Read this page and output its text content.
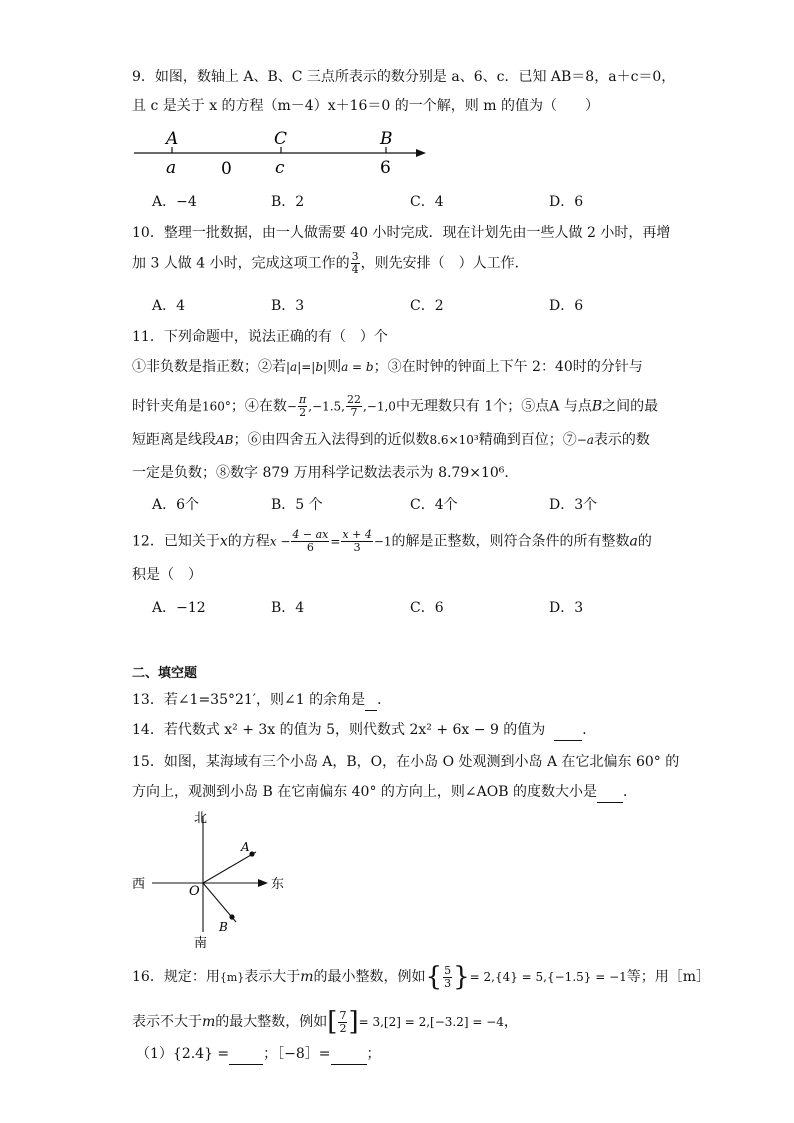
9．如图，数轴上 A、B、C 三点所表示的数分别是 a、6、c．已知 AB＝8，a＋c＝0，
且 c 是关于 x 的方程（m－4）x＋16＝0 的一个解，则 m 的值为（　　）
A	C	B
a	0	c	6
A．−4	B．2	C．4	D．6
10．整理一批数据，由一人做需要 40 小时完成．现在计划先由一些人做 2 小时，再增
加 3 人做 4 小时，完成这项工作的 $\frac{3}{4}$ ，则先安排（　）人工作．
A．4	B．3	C．2	D．6
11．下列命题中，说法正确的有（　）个
①非负数是指正数；②若|a|=|b|则a = b；③在时钟的钟面上下午 2：40时的分针与
时针夹角是160°；④在数− $\frac{\pi}{2} ,-1.5$, $\frac{22}{7} ,-1,0$中无理数只有 1个；⑤点A 与点B之间的最
短距离是线段AB；⑥由四舍五入法得到的近似数8.6×10³精确到百位；⑦−a表示的数
一定是负数；⑧数字 879 万用科学记数法表示为 8.79×10⁶．
A．6个	B．5 个	C．4个	D．3个
12．已知关于x的方程$x - \frac{4 - ax}{6} = \frac{x + 4}{3} -1$的解是正整数，则符合条件的所有整数a的
积是（　）
A．−12	B．4	C．6	D．3
二、填空题
13．若∠1=35°21′，则∠1 的余角是 ．
14．若代数式 x² + 3x 的值为 5，则代数式 2x² + 6x − 9 的值为	．
15．如图，某海域有三个小岛 A，B，O，在小岛 O 处观测到小岛 A 在它北偏东 60° 的
方向上，观测到小岛 B 在它南偏东 40° 的方向上，则∠AOB 的度数大小是 ．
北
南
西	东
O
A
B
16．规定：用{m}表示大于m的最小整数，例如{ $\frac{5}{3}$ }= 2,{4} = 5,{−1.5} = −1等；用［m］
表示不大于m的最大整数，例如[ $\frac{7}{2}$ ]= 3,[2] = 2,[−3.2] = −4，
（1）{2.4} = ；［−8］=	；
